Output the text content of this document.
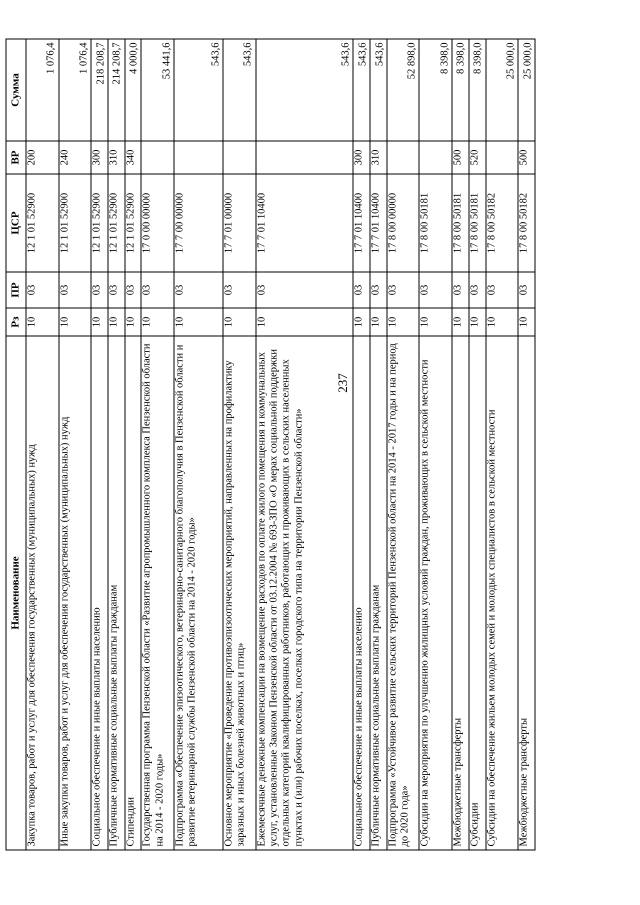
237
Наименование	Рз	ПР	ЦСР	ВР	Сумма
Закупка товаров, работ и услуг для обеспечения государственных (муниципальных) нужд	10	03	12 1 01 52900	200	1 076,4
Иные закупки товаров, работ и услуг для обеспечения государственных (муниципальных) нужд	10	03	12 1 01 52900	240	1 076,4
Социальное обеспечение и иные выплаты населению	10	03	12 1 01 52900	300	218 208,7
Публичные нормативные социальные выплаты гражданам	10	03	12 1 01 52900	310	214 208,7
Стипендии	10	03	12 1 01 52900	340	4 000,0
Государственная программа Пензенской области «Развитие агропромышленного комплекса Пензенской области на 2014 - 2020 годы»	10	03	17 0 00 00000		53 441,6
Подпрограмма «Обеспечение эпизоотического, ветеринарно-санитарного благополучия в Пензенской области и развитие ветеринарной службы Пензенской области на 2014 - 2020 годы»	10	03	17 7 00 00000		543,6
Основное мероприятие «Проведение противоэпизоотических мероприятий, направленных на профилактику заразных и иных болезней животных и птиц»	10	03	17 7 01 00000		543,6
Ежемесячные денежные компенсации на возмещение расходов по оплате жилого помещения и коммунальных услуг, установленные Законом Пензенской области от 03.12.2004 № 693-ЗПО «О мерах социальной поддержки отдельных категорий квалифицированных работников, работающих и проживающих в сельских населенных пунктах и (или) рабочих поселках, поселках городского типа на территории Пензенской области»	10	03	17 7 01 10400		543,6
Социальное обеспечение и иные выплаты населению	10	03	17 7 01 10400	300	543,6
Публичные нормативные социальные выплаты гражданам	10	03	17 7 01 10400	310	543,6
Подпрограмма «Устойчивое развитие сельских территорий Пензенской области на 2014 - 2017 годы и на период до 2020 года»	10	03	17 8 00 00000		52 898,0
Субсидии на мероприятия по улучшению жилищных условий граждан, проживающих в сельской местности	10	03	17 8 00 50181		8 398,0
Межбюджетные трансферты	10	03	17 8 00 50181	500	8 398,0
Субсидии	10	03	17 8 00 50181	520	8 398,0
Субсидии на обеспечение жильем молодых семей и молодых специалистов в сельской местности	10	03	17 8 00 50182		25 000,0
Межбюджетные трансферты	10	03	17 8 00 50182	500	25 000,0
